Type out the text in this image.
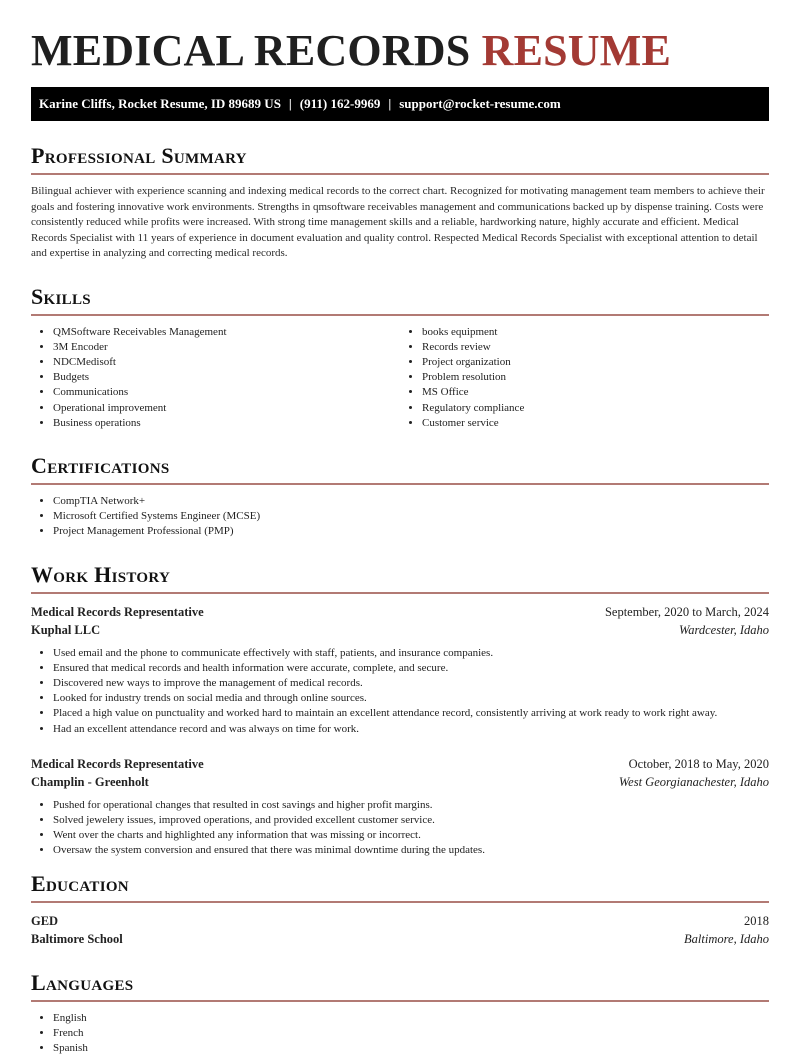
MEDICAL RECORDS RESUME
Karine Cliffs, Rocket Resume, ID 89689 US | (911) 162-9969 | support@rocket-resume.com
Professional Summary

Bilingual achiever with experience scanning and indexing medical records to the correct chart. Recognized for motivating management team members to achieve their goals and fostering innovative work environments. Strengths in qmsoftware receivables management and communications backed up by dispense training. Costs were consistently reduced while profits were increased. With strong time management skills and a reliable, hardworking nature, highly accurate and efficient. Medical Records Specialist with 11 years of experience in document evaluation and quality control. Respected Medical Records Specialist with exceptional attention to detail and expertise in analyzing and correcting medical records.

Skills
• QMSoftware Receivables Management
• 3M Encoder
• NDCMedisoft
• Budgets
• Communications
• Operational improvement
• Business operations
• books equipment
• Records review
• Project organization
• Problem resolution
• MS Office
• Regulatory compliance
• Customer service
Certifications
• CompTIA Network+
• Microsoft Certified Systems Engineer (MCSE)
• Project Management Professional (PMP)
Work History
Medical Records Representative	September, 2020 to March, 2024
Kuphal LLC	Wardcester, Idaho
• Used email and the phone to communicate effectively with staff, patients, and insurance companies.
• Ensured that medical records and health information were accurate, complete, and secure.
• Discovered new ways to improve the management of medical records.
• Looked for industry trends on social media and through online sources.
• Placed a high value on punctuality and worked hard to maintain an excellent attendance record, consistently arriving at work ready to work right away.
• Had an excellent attendance record and was always on time for work.
Medical Records Representative	October, 2018 to May, 2020
Champlin - Greenholt	West Georgianachester, Idaho
• Pushed for operational changes that resulted in cost savings and higher profit margins.
• Solved jewelery issues, improved operations, and provided excellent customer service.
• Went over the charts and highlighted any information that was missing or incorrect.
• Oversaw the system conversion and ensured that there was minimal downtime during the updates.
Education
GED	2018
Baltimore School	Baltimore, Idaho
Languages
• English
• French
• Spanish
